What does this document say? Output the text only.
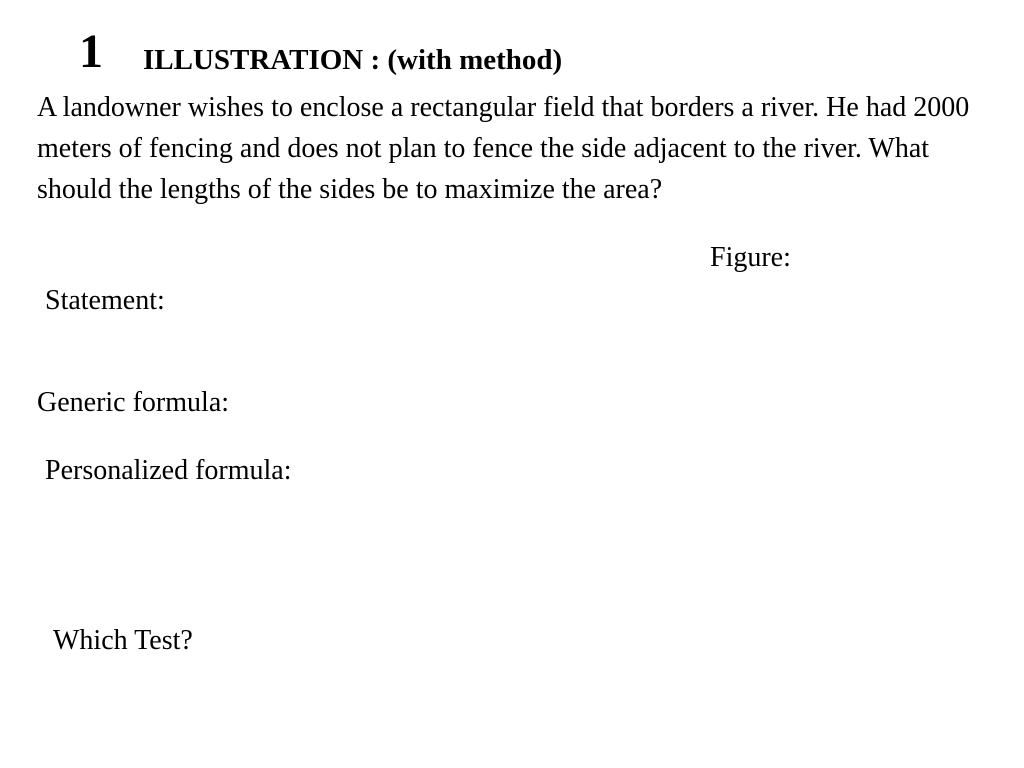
1 ILLUSTRATION : (with method)
A landowner wishes to enclose a rectangular field that borders a river. He had 2000 meters of fencing and does not plan to fence the side adjacent to the river. What should the lengths of the sides be to maximize the area?
Figure:
Statement:
Generic formula:
Personalized formula:
Which Test?
